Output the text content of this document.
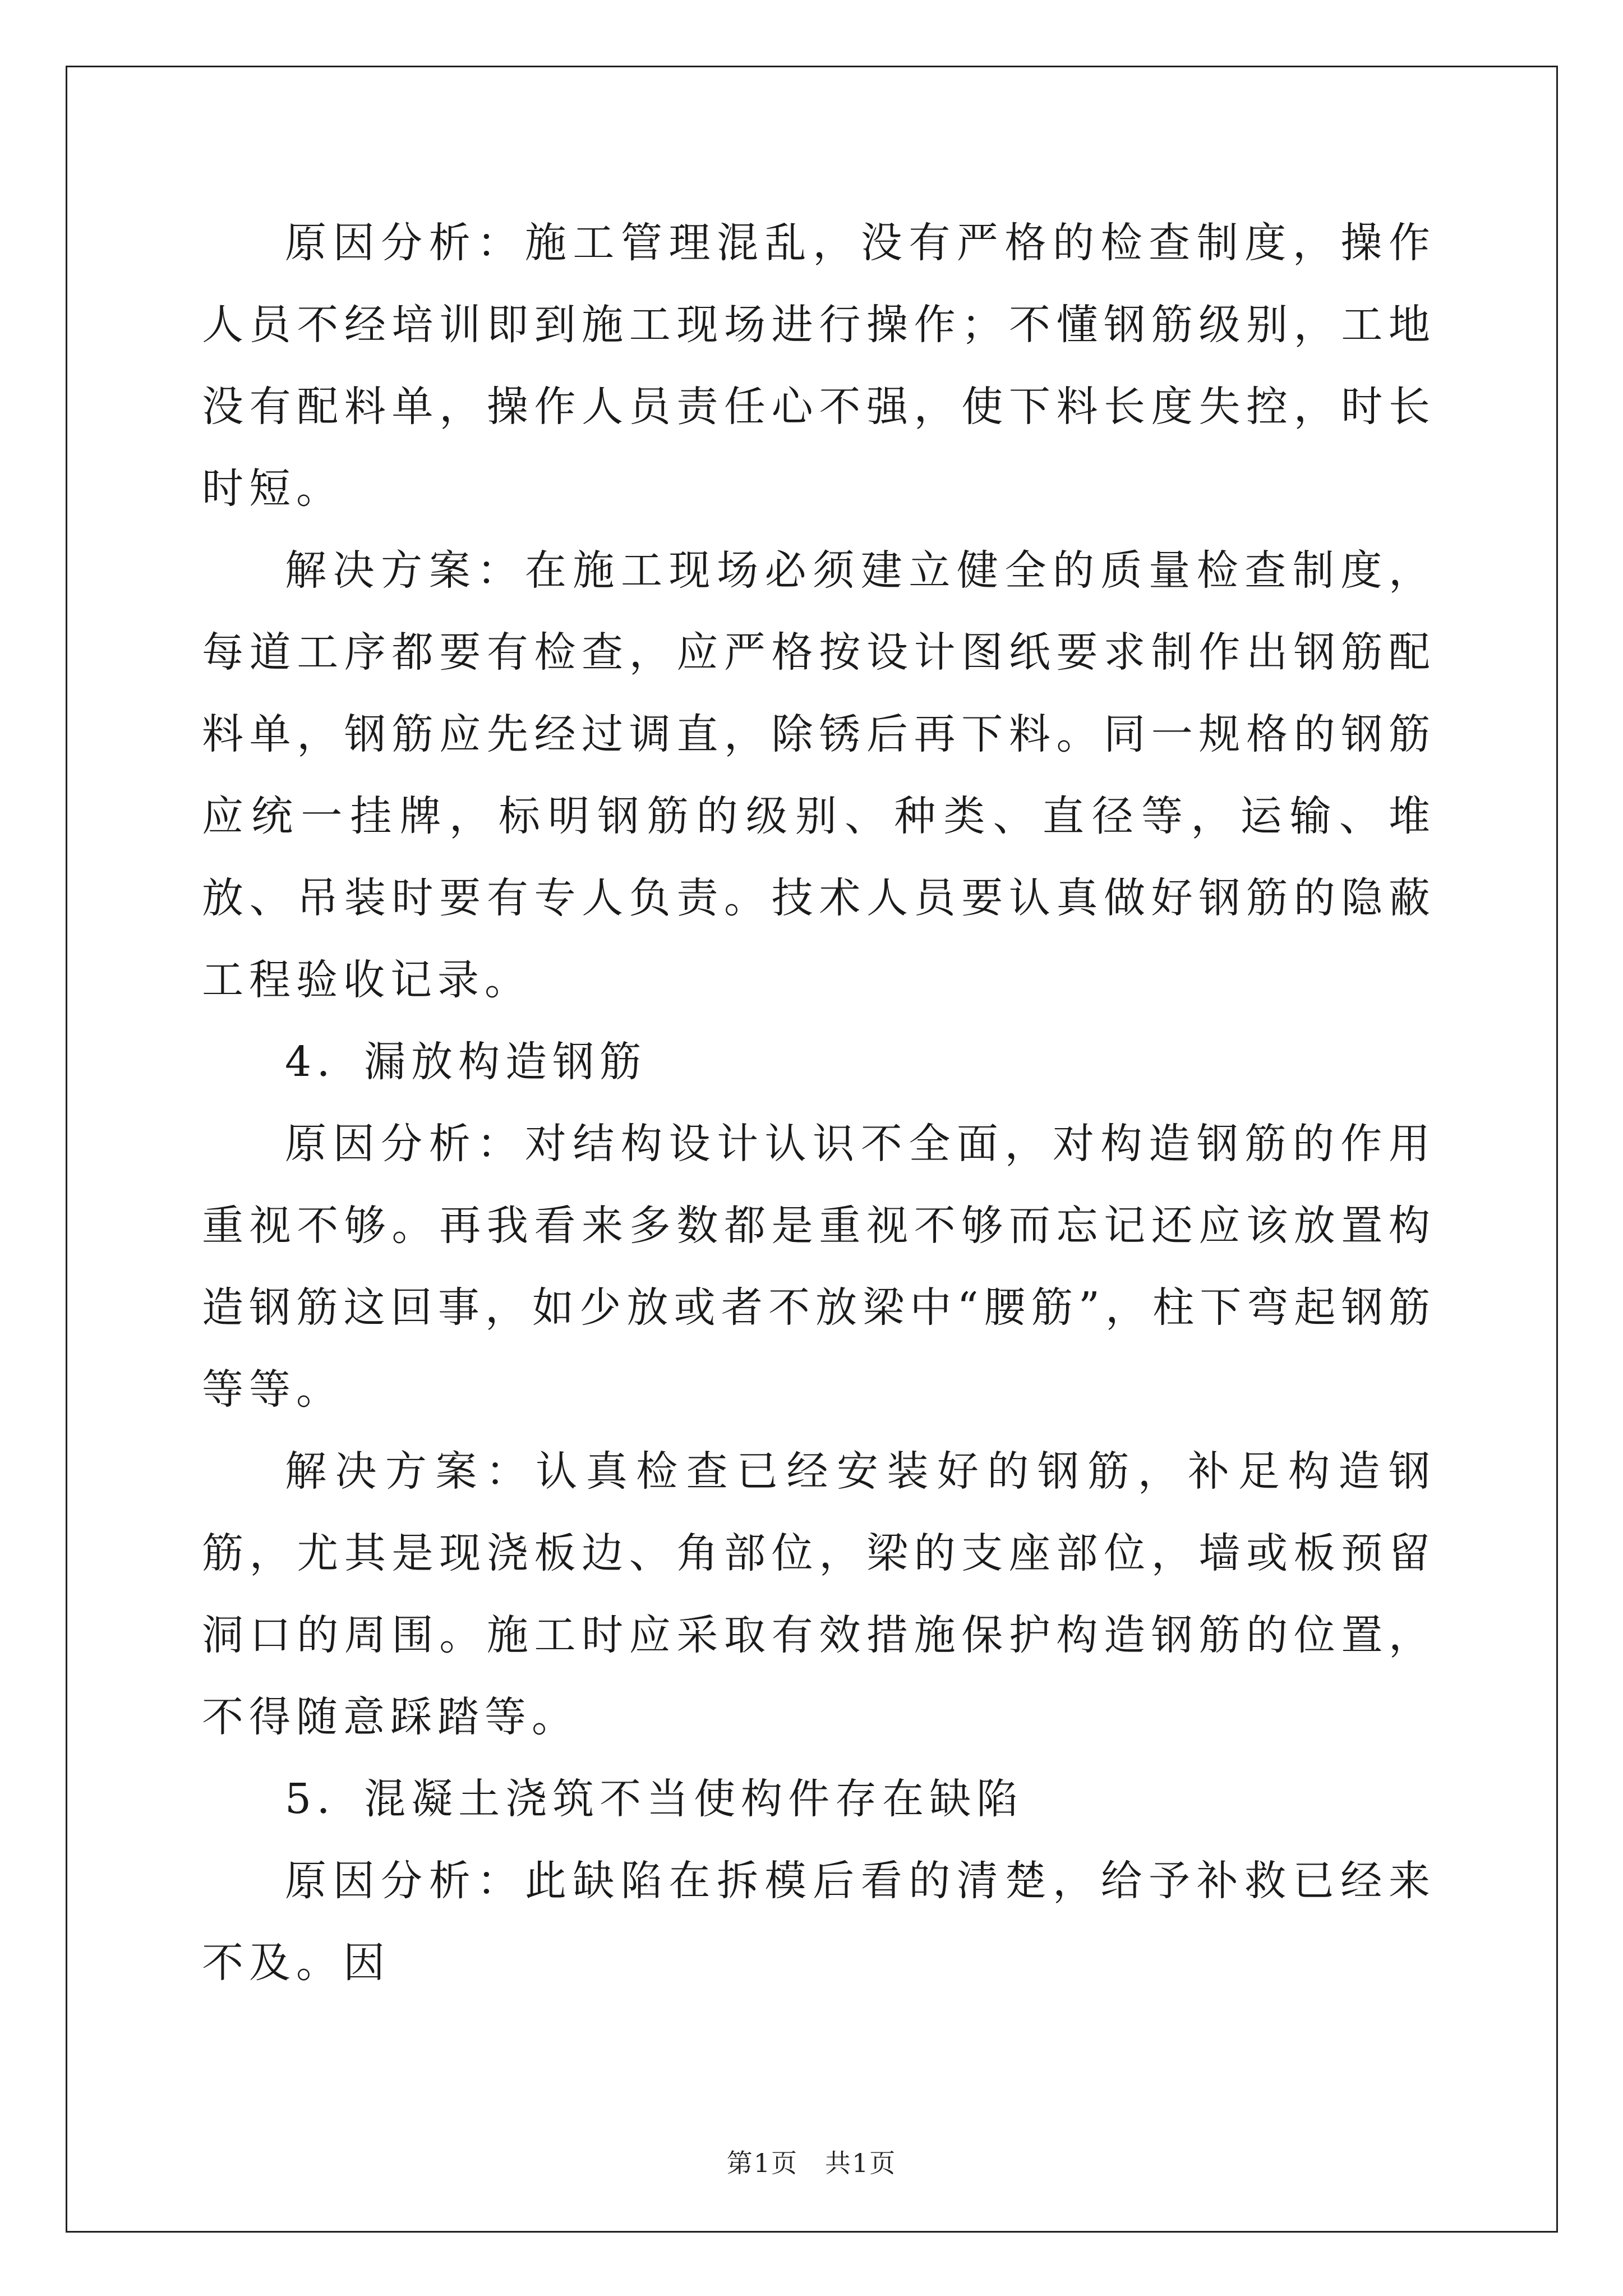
原因分析：施工管理混乱，没有严格的检查制度，操作人员不经培训即到施工现场进行操作；不懂钢筋级别，工地没有配料单，操作人员责任心不强，使下料长度失控，时长时短。

解决方案：在施工现场必须建立健全的质量检查制度，每道工序都要有检查，应严格按设计图纸要求制作出钢筋配料单，钢筋应先经过调直，除锈后再下料。同一规格的钢筋应统一挂牌，标明钢筋的级别、种类、直径等，运输、堆放、吊装时要有专人负责。技术人员要认真做好钢筋的隐蔽工程验收记录。

4．漏放构造钢筋

原因分析：对结构设计认识不全面，对构造钢筋的作用重视不够。再我看来多数都是重视不够而忘记还应该放置构造钢筋这回事，如少放或者不放梁中“腰筋”，柱下弯起钢筋等等。

解决方案：认真检查已经安装好的钢筋，补足构造钢筋，尤其是现浇板边、角部位，梁的支座部位，墙或板预留洞口的周围。施工时应采取有效措施保护构造钢筋的位置，不得随意踩踏等。

5．混凝土浇筑不当使构件存在缺陷

原因分析：此缺陷在拆模后看的清楚，给予补救已经来不及。因

第1页　共1页
